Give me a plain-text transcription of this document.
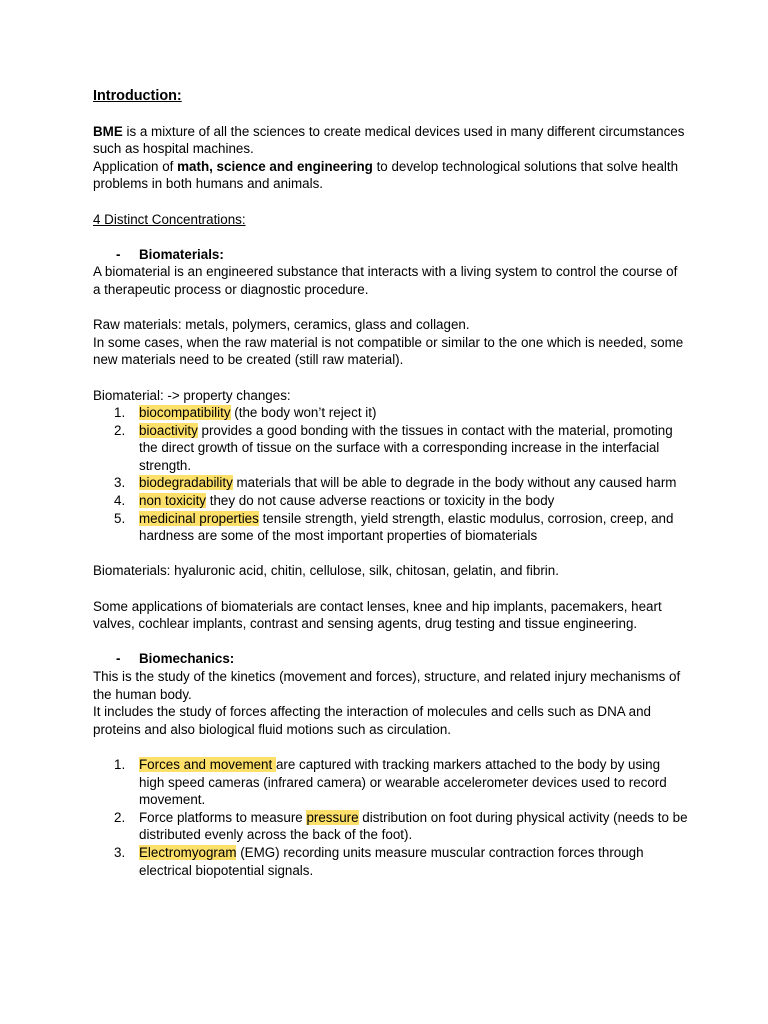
Introduction:

BME is a mixture of all the sciences to create medical devices used in many different circumstances such as hospital machines.

Application of math, science and engineering to develop technological solutions that solve health problems in both humans and animals.

4 Distinct Concentrations:

- Biomaterials:

A biomaterial is an engineered substance that interacts with a living system to control the course of a therapeutic process or diagnostic procedure.

Raw materials: metals, polymers, ceramics, glass and collagen.

In some cases, when the raw material is not compatible or similar to the one which is needed, some new materials need to be created (still raw material).

Biomaterial: -> property changes:

1. biocompatibility (the body won’t reject it)
2. bioactivity provides a good bonding with the tissues in contact with the material, promoting the direct growth of tissue on the surface with a corresponding increase in the interfacial strength.
3. biodegradability materials that will be able to degrade in the body without any caused harm
4. non toxicity they do not cause adverse reactions or toxicity in the body
5. medicinal properties tensile strength, yield strength, elastic modulus, corrosion, creep, and hardness are some of the most important properties of biomaterials

Biomaterials: hyaluronic acid, chitin, cellulose, silk, chitosan, gelatin, and fibrin.

Some applications of biomaterials are contact lenses, knee and hip implants, pacemakers, heart valves, cochlear implants, contrast and sensing agents, drug testing and tissue engineering.

- Biomechanics:

This is the study of the kinetics (movement and forces), structure, and related injury mechanisms of the human body.

It includes the study of forces affecting the interaction of molecules and cells such as DNA and proteins and also biological fluid motions such as circulation.

1. Forces and movement are captured with tracking markers attached to the body by using high speed cameras (infrared camera) or wearable accelerometer devices used to record movement.
2. Force platforms to measure pressure distribution on foot during physical activity (needs to be distributed evenly across the back of the foot).
3. Electromyogram (EMG) recording units measure muscular contraction forces through electrical biopotential signals.
